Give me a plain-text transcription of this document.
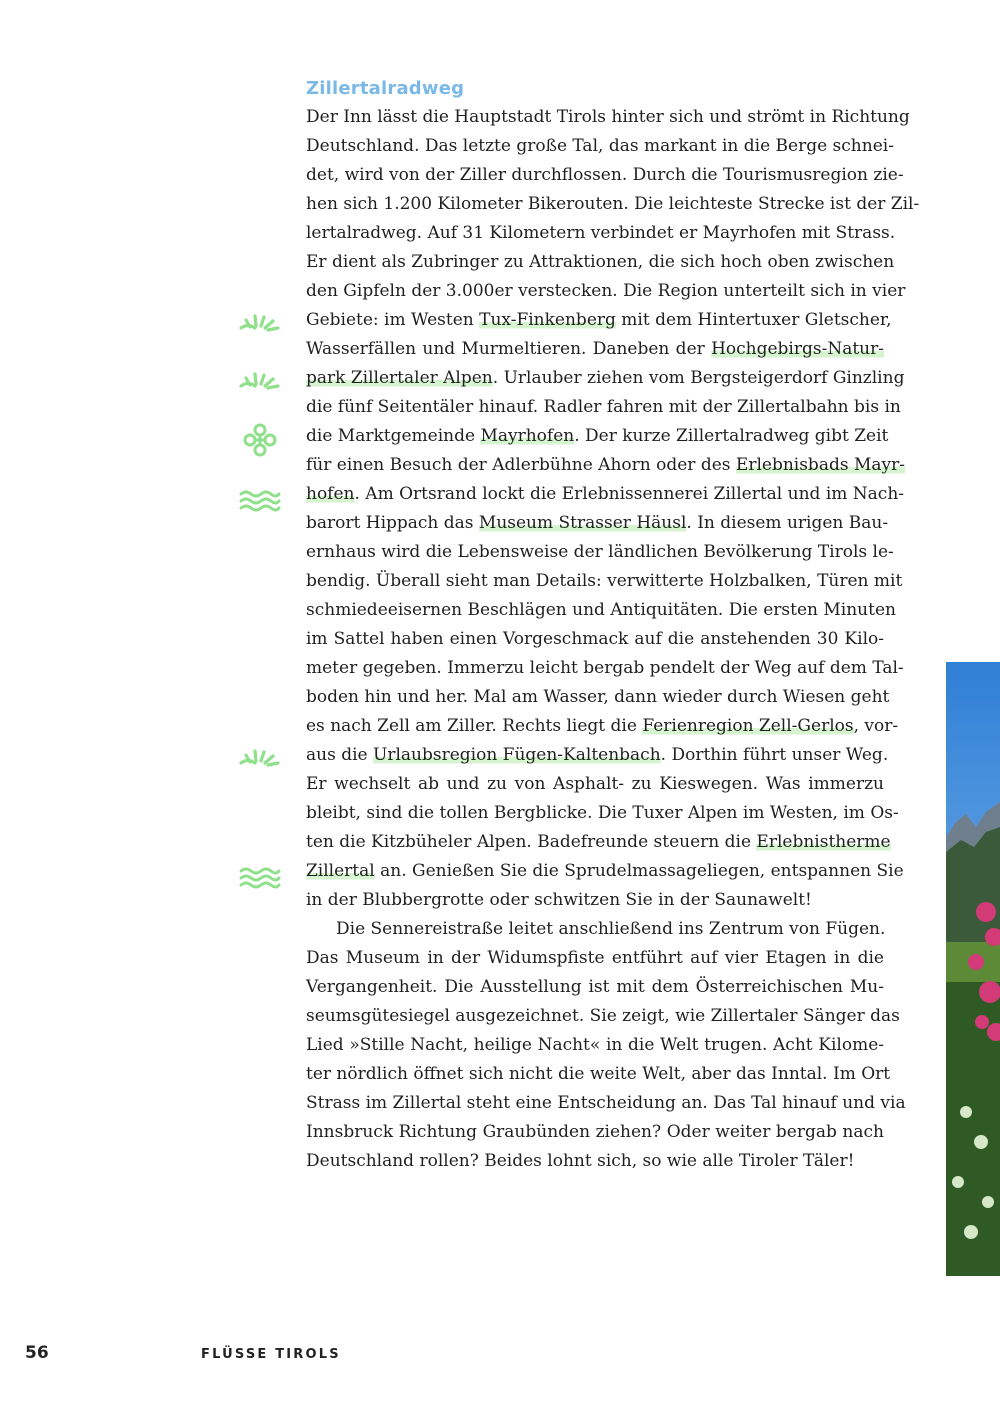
Zillertalradweg
Der Inn lässt die Hauptstadt Tirols hinter sich und strömt in Richtung
Deutschland. Das letzte große Tal, das markant in die Berge schnei-
det, wird von der Ziller durchflossen. Durch die Tourismusregion zie-
hen sich 1.200 Kilometer Bikerouten. Die leichteste Strecke ist der Zil-
lertalradweg. Auf 31 Kilometern verbindet er Mayrhofen mit Strass.
Er dient als Zubringer zu Attraktionen, die sich hoch oben zwischen
den Gipfeln der 3.000er verstecken. Die Region unterteilt sich in vier
Gebiete: im Westen Tux-Finkenberg mit dem Hintertuxer Gletscher,
Wasserfällen und Murmeltieren. Daneben der Hochgebirgs-Natur-
park Zillertaler Alpen. Urlauber ziehen vom Bergsteigerdorf Ginzling
die fünf Seitentäler hinauf. Radler fahren mit der Zillertalbahn bis in
die Marktgemeinde Mayrhofen. Der kurze Zillertalradweg gibt Zeit
für einen Besuch der Adlerbühne Ahorn oder des Erlebnisbads Mayr-
hofen. Am Ortsrand lockt die Erlebnissennerei Zillertal und im Nach-
barort Hippach das Museum Strasser Häusl. In diesem urigen Bau-
ernhaus wird die Lebensweise der ländlichen Bevölkerung Tirols le-
bendig. Überall sieht man Details: verwitterte Holzbalken, Türen mit
schmiedeeisernen Beschlägen und Antiquitäten. Die ersten Minuten
im Sattel haben einen Vorgeschmack auf die anstehenden 30 Kilo-
meter gegeben. Immerzu leicht bergab pendelt der Weg auf dem Tal-
boden hin und her. Mal am Wasser, dann wieder durch Wiesen geht
es nach Zell am Ziller. Rechts liegt die Ferienregion Zell-Gerlos, vor-
aus die Urlaubsregion Fügen-Kaltenbach. Dorthin führt unser Weg.
Er wechselt ab und zu von Asphalt- zu Kieswegen. Was immerzu
bleibt, sind die tollen Bergblicke. Die Tuxer Alpen im Westen, im Os-
ten die Kitzbüheler Alpen. Badefreunde steuern die Erlebnistherme
Zillertal an. Genießen Sie die Sprudelmassageliegen, entspannen Sie
in der Blubbergrotte oder schwitzen Sie in der Saunawelt!
Die Sennereistraße leitet anschließend ins Zentrum von Fügen.
Das Museum in der Widumspfiste entführt auf vier Etagen in die
Vergangenheit. Die Ausstellung ist mit dem Österreichischen Mu-
seumsgütesiegel ausgezeichnet. Sie zeigt, wie Zillertaler Sänger das
Lied »Stille Nacht, heilige Nacht« in die Welt trugen. Acht Kilome-
ter nördlich öffnet sich nicht die weite Welt, aber das Inntal. Im Ort
Strass im Zillertal steht eine Entscheidung an. Das Tal hinauf und via
Innsbruck Richtung Graubünden ziehen? Oder weiter bergab nach
Deutschland rollen? Beides lohnt sich, so wie alle Tiroler Täler!
56	FLÜSSE TIROLS
